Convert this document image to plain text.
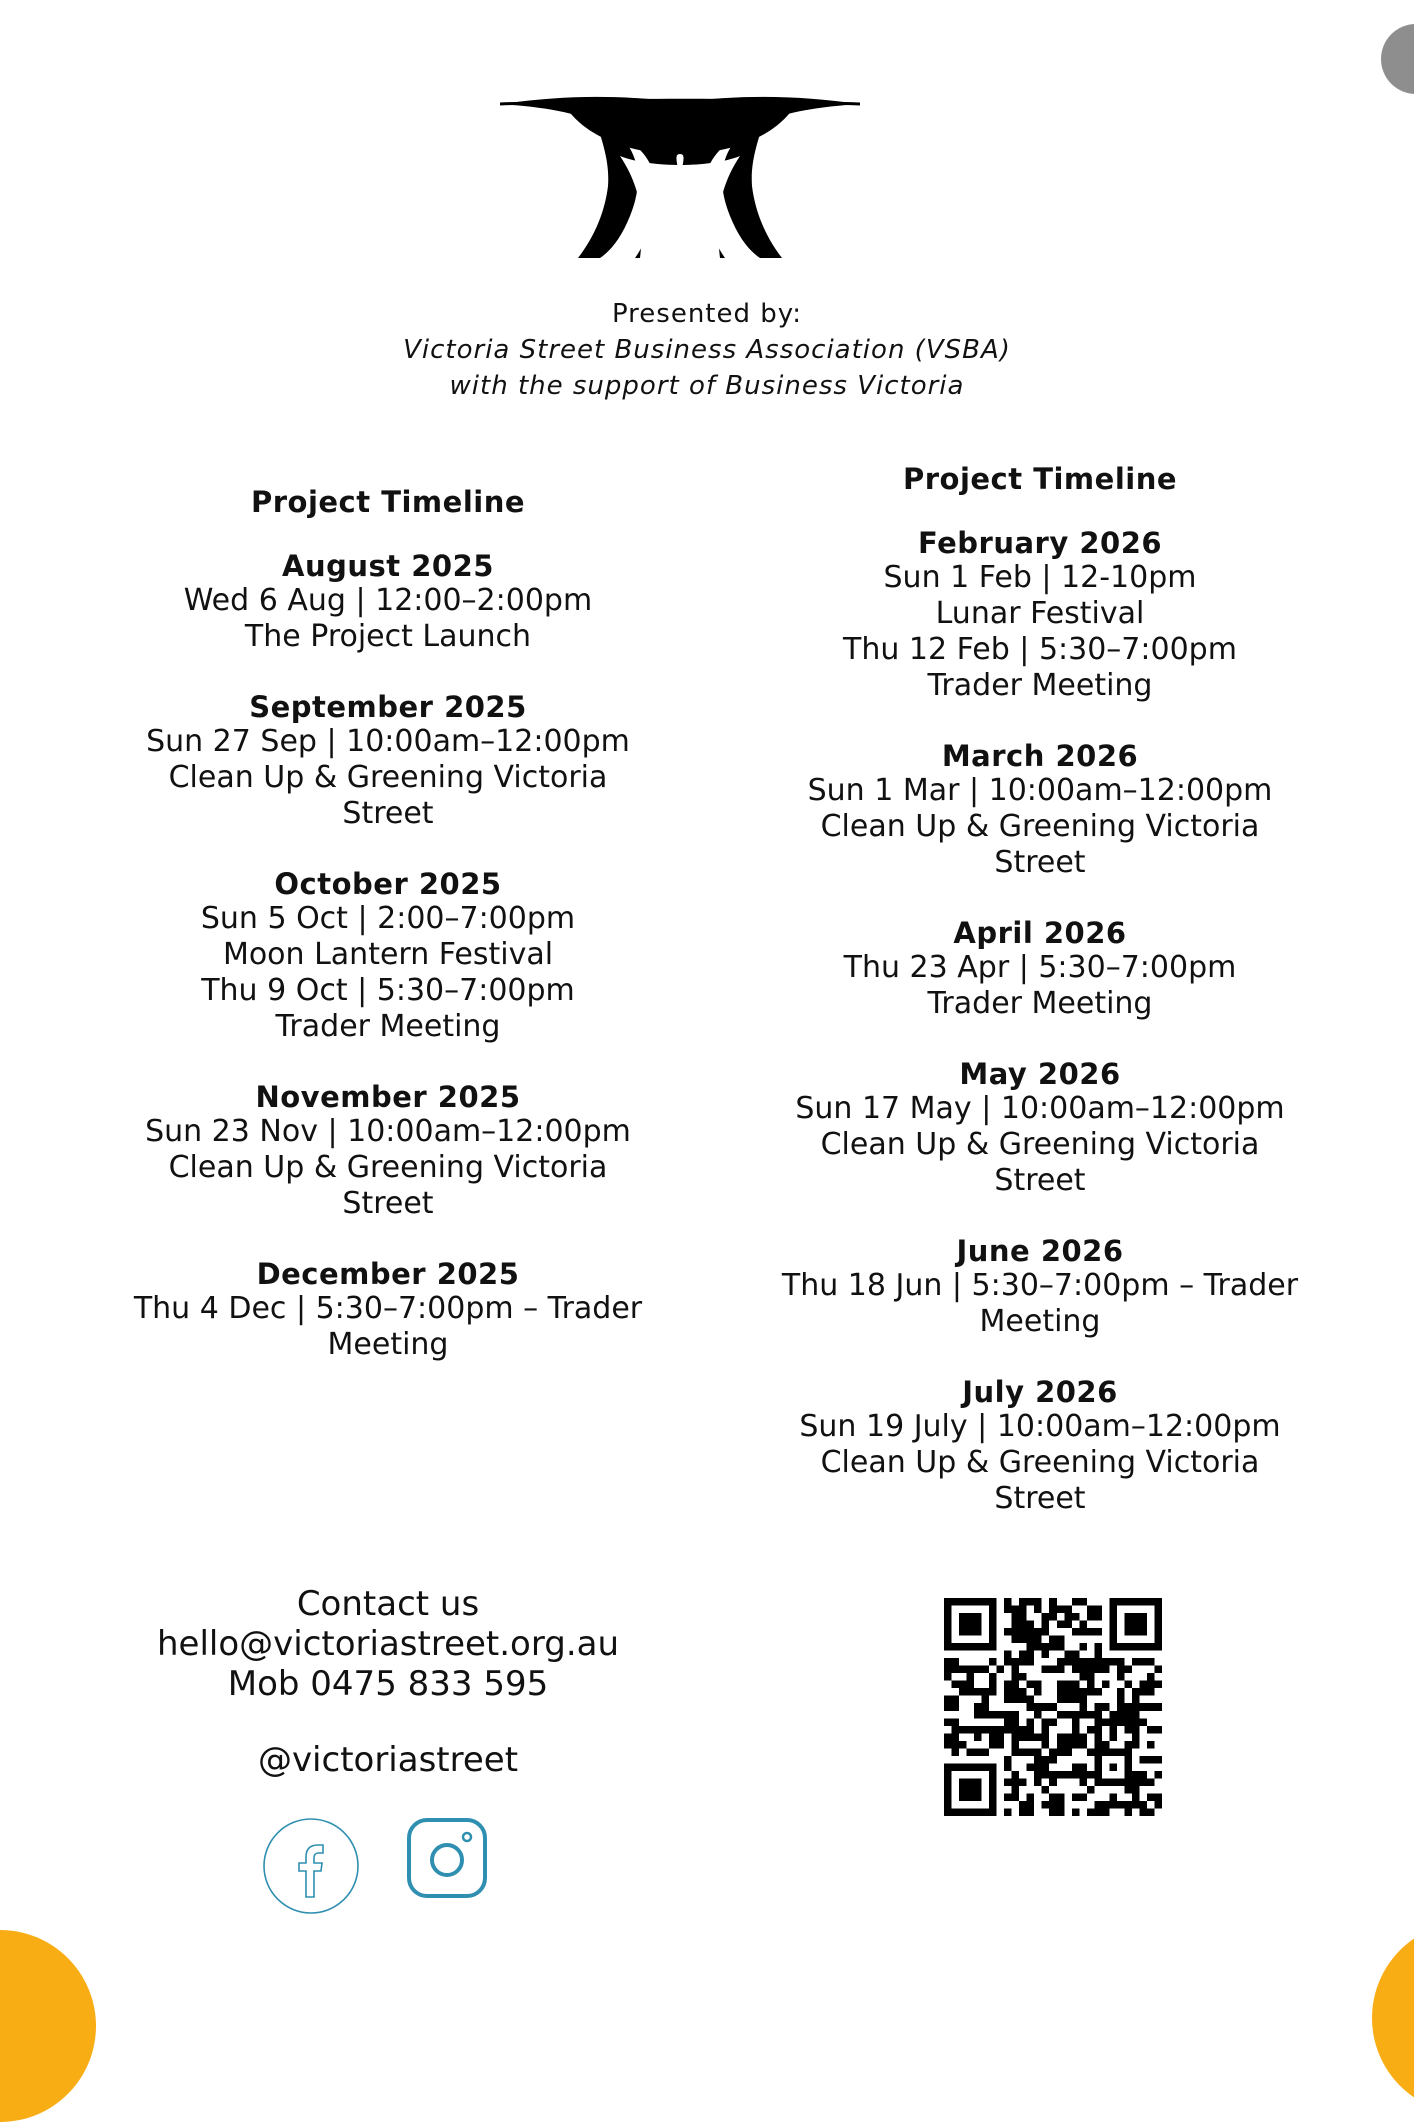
Presented by:
Victoria Street Business Association (VSBA)
with the support of Business Victoria
Project Timeline
August 2025
Wed 6 Aug | 12:00–2:00pm
The Project Launch
September 2025
Sun 27 Sep | 10:00am–12:00pm
Clean Up & Greening Victoria
Street
October 2025
Sun 5 Oct | 2:00–7:00pm
Moon Lantern Festival
Thu 9 Oct | 5:30–7:00pm
Trader Meeting
November 2025
Sun 23 Nov | 10:00am–12:00pm
Clean Up & Greening Victoria
Street
December 2025
Thu 4 Dec | 5:30–7:00pm – Trader
Meeting
Project Timeline
February 2026
Sun 1 Feb | 12-10pm
Lunar Festival
Thu 12 Feb | 5:30–7:00pm
Trader Meeting
March 2026
Sun 1 Mar | 10:00am–12:00pm
Clean Up & Greening Victoria
Street
April 2026
Thu 23 Apr | 5:30–7:00pm
Trader Meeting
May 2026
Sun 17 May | 10:00am–12:00pm
Clean Up & Greening Victoria
Street
June 2026
Thu 18 Jun | 5:30–7:00pm – Trader
Meeting
July 2026
Sun 19 July | 10:00am–12:00pm
Clean Up & Greening Victoria
Street
Contact us
hello@victoriastreet.org.au
Mob 0475 833 595
@victoriastreet
